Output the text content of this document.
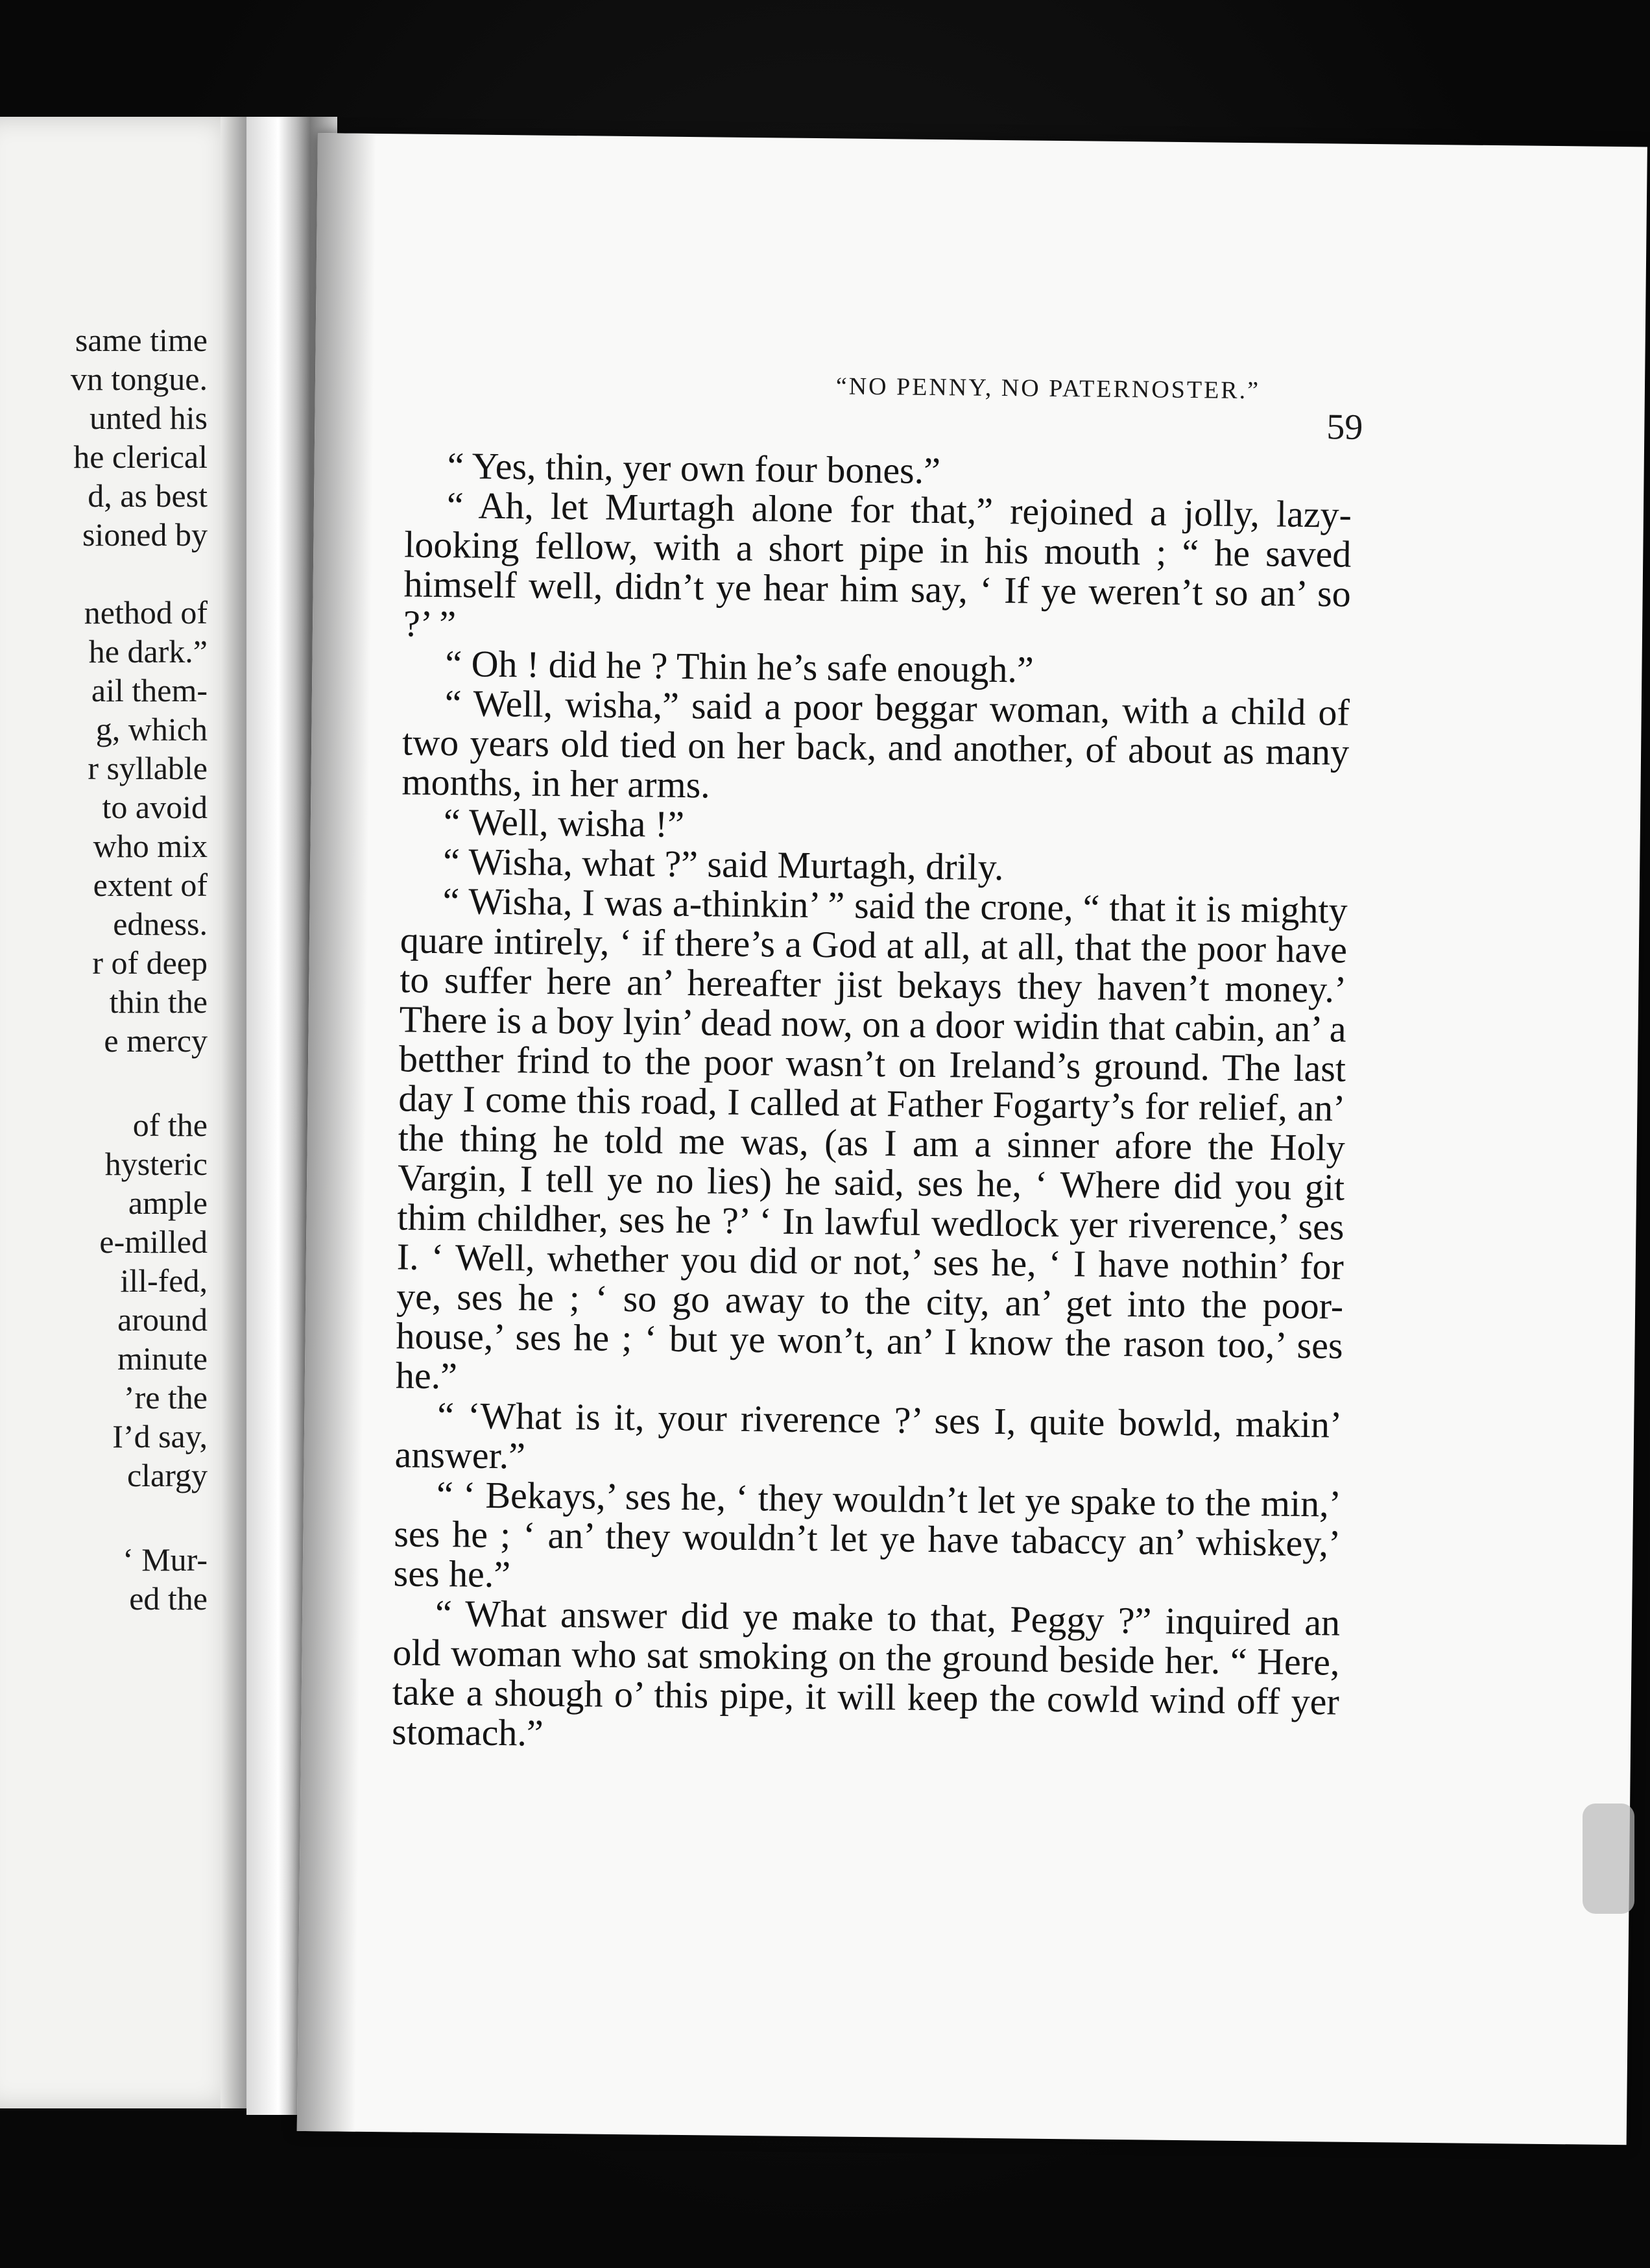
same time
vn tongue.
unted his
he clerical
d, as best
sioned by
nethod of
he dark.”
ail them-
g, which
r syllable
to avoid
who mix
extent of
edness.
r of deep
thin the
e mercy
of the
hysteric
ample
e-milled
ill-fed,
around
minute
’re the
I’d say,
clargy
‘ Mur-
ed the
“NO PENNY, NO PATERNOSTER.”
59

“ Yes, thin, yer own four bones.”

“ Ah, let Murtagh alone for that,” rejoined a jolly, lazy-looking fellow, with a short pipe in his mouth ; “ he saved himself well, didn’t ye hear him say, ‘ If ye weren’t so an’ so ?’ ”

“ Oh ! did he ? Thin he’s safe enough.”

“ Well, wisha,” said a poor beggar woman, with a child of two years old tied on her back, and another, of about as many months, in her arms.

“ Well, wisha !”

“ Wisha, what ?” said Murtagh, drily.

“ Wisha, I was a-thinkin’ ” said the crone, “ that it is mighty quare intirely, ‘ if there’s a God at all, at all, that the poor have to suffer here an’ hereafter jist bekays they haven’t money.’ There is a boy lyin’ dead now, on a door widin that cabin, an’ a betther frind to the poor wasn’t on Ireland’s ground. The last day I come this road, I called at Father Fogarty’s for relief, an’ the thing he told me was, (as I am a sinner afore the Holy Vargin, I tell ye no lies) he said, ses he, ‘ Where did you git thim childher, ses he ?’ ‘ In lawful wedlock yer riverence,’ ses I. ‘ Well, whether you did or not,’ ses he, ‘ I have nothin’ for ye, ses he ; ‘ so go away to the city, an’ get into the poor-house,’ ses he ; ‘ but ye won’t, an’ I know the rason too,’ ses he.”

“ ‘What is it, your riverence ?’ ses I, quite bowld, makin’ answer.”

“ ‘ Bekays,’ ses he, ‘ they wouldn’t let ye spake to the min,’ ses he ; ‘ an’ they wouldn’t let ye have tabaccy an’ whiskey,’ ses he.”

“ What answer did ye make to that, Peggy ?” inquired an old woman who sat smoking on the ground beside her. “ Here, take a shough o’ this pipe, it will keep the cowld wind off yer stomach.”
